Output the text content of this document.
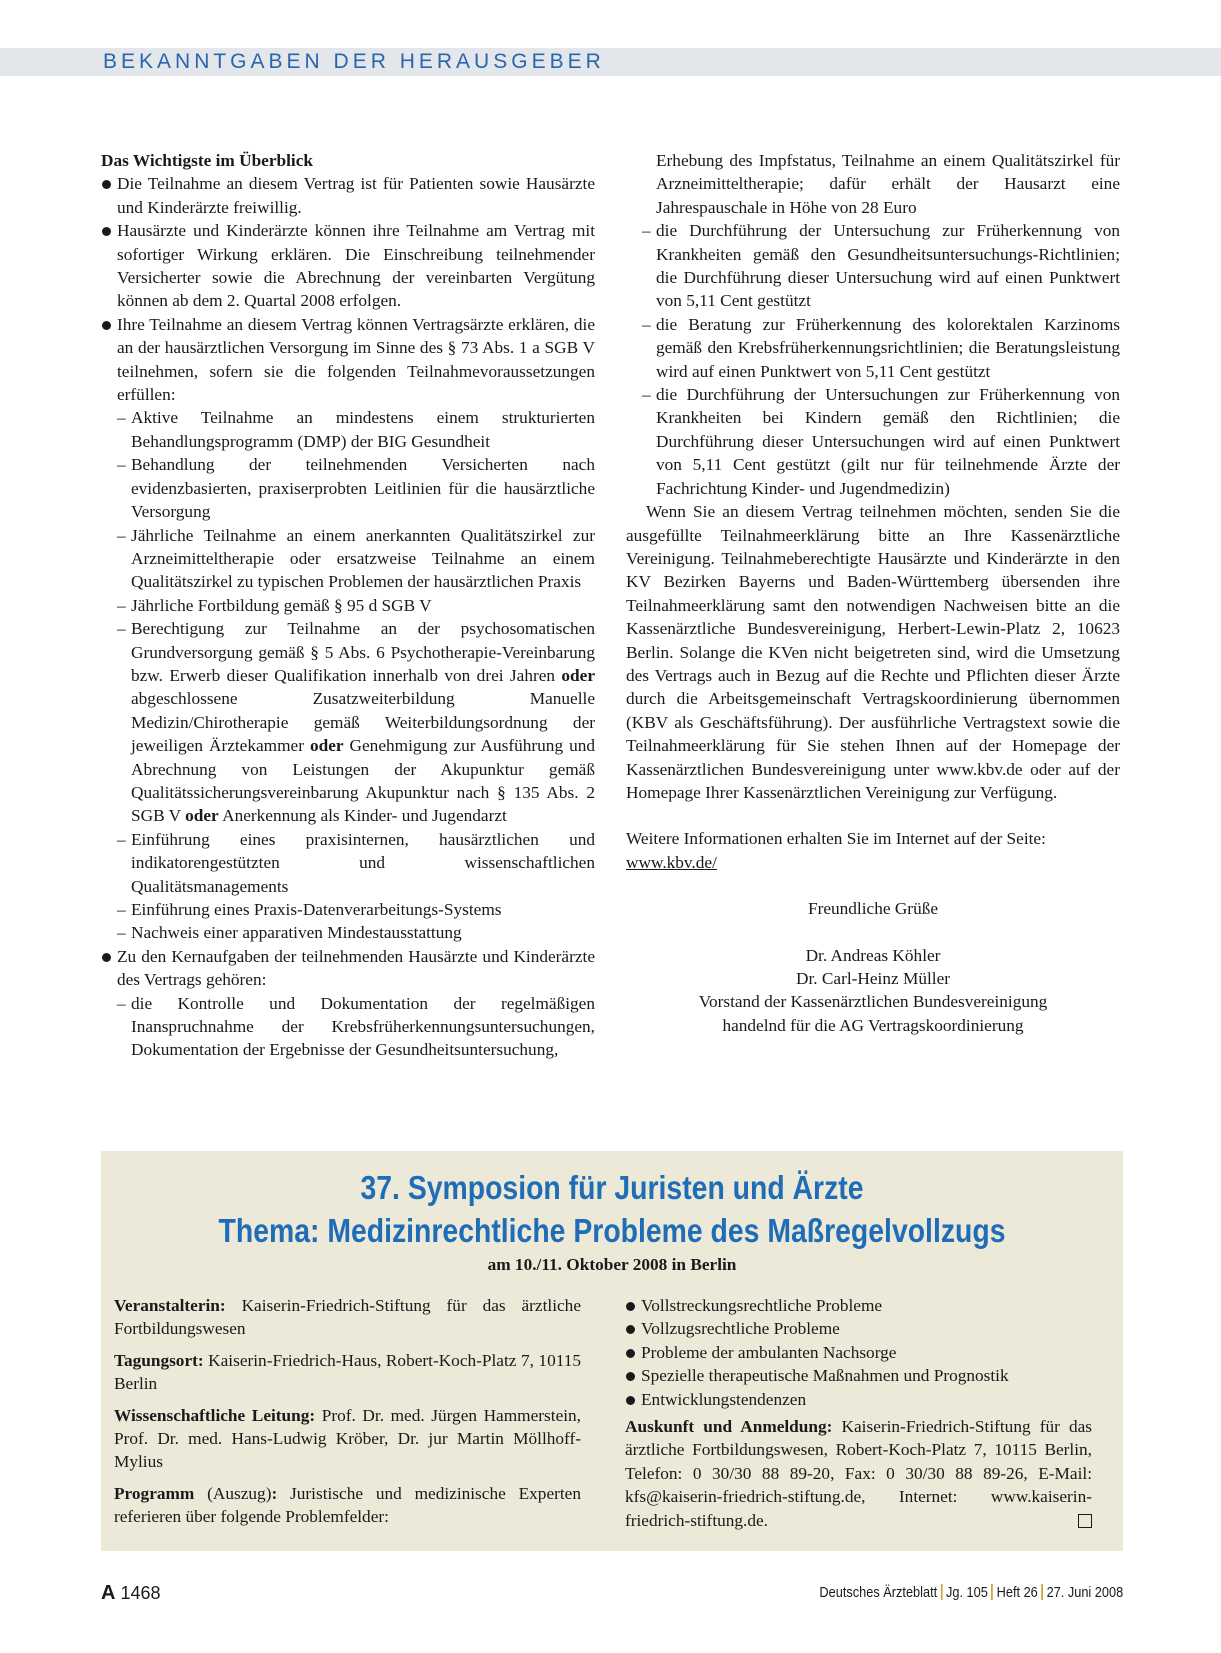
BEKANNTGABEN DER HERAUSGEBER
Das Wichtigste im Überblick
Die Teilnahme an diesem Vertrag ist für Patienten sowie Hausärzte und Kinderärzte freiwillig.
Hausärzte und Kinderärzte können ihre Teilnahme am Vertrag mit sofortiger Wirkung erklären. Die Einschreibung teilnehmender Versicherter sowie die Abrechnung der vereinbarten Vergütung können ab dem 2. Quartal 2008 erfolgen.
Ihre Teilnahme an diesem Vertrag können Vertragsärzte erklären, die an der hausärztlichen Versorgung im Sinne des § 73 Abs. 1 a SGB V teilnehmen, sofern sie die folgenden Teilnahmevoraussetzungen erfüllen:
– Aktive Teilnahme an mindestens einem strukturierten Behandlungsprogramm (DMP) der BIG Gesundheit
– Behandlung der teilnehmenden Versicherten nach evidenzbasierten, praxiserprobten Leitlinien für die hausärztliche Versorgung
– Jährliche Teilnahme an einem anerkannten Qualitätszirkel zur Arzneimitteltherapie oder ersatzweise Teilnahme an einem Qualitätszirkel zu typischen Problemen der hausärztlichen Praxis
– Jährliche Fortbildung gemäß § 95 d SGB V
– Berechtigung zur Teilnahme an der psychosomatischen Grundversorgung gemäß § 5 Abs. 6 Psychotherapie-Vereinbarung bzw. Erwerb dieser Qualifikation innerhalb von drei Jahren oder abgeschlossene Zusatzweiterbildung Manuelle Medizin/Chirotherapie gemäß Weiterbildungsordnung der jeweiligen Ärztekammer oder Genehmigung zur Ausführung und Abrechnung von Leistungen der Akupunktur gemäß Qualitätssicherungsvereinbarung Akupunktur nach § 135 Abs. 2 SGB V oder Anerkennung als Kinder- und Jugendarzt
– Einführung eines praxisinternen, hausärztlichen und indikatorengestützten und wissenschaftlichen Qualitätsmanagements
– Einführung eines Praxis-Datenverarbeitungs-Systems
– Nachweis einer apparativen Mindestausstattung
Zu den Kernaufgaben der teilnehmenden Hausärzte und Kinderärzte des Vertrags gehören:
– die Kontrolle und Dokumentation der regelmäßigen Inanspruchnahme der Krebsfrüherkennungsuntersuchungen, Dokumentation der Ergebnisse der Gesundheitsuntersuchung,
Erhebung des Impfstatus, Teilnahme an einem Qualitätszirkel für Arzneimitteltherapie; dafür erhält der Hausarzt eine Jahrespauschale in Höhe von 28 Euro
– die Durchführung der Untersuchung zur Früherkennung von Krankheiten gemäß den Gesundheitsuntersuchungs-Richtlinien; die Durchführung dieser Untersuchung wird auf einen Punktwert von 5,11 Cent gestützt
– die Beratung zur Früherkennung des kolorektalen Karzinoms gemäß den Krebsfrüherkennungsrichtlinien; die Beratungsleistung wird auf einen Punktwert von 5,11 Cent gestützt
– die Durchführung der Untersuchungen zur Früherkennung von Krankheiten bei Kindern gemäß den Richtlinien; die Durchführung dieser Untersuchungen wird auf einen Punktwert von 5,11 Cent gestützt (gilt nur für teilnehmende Ärzte der Fachrichtung Kinder- und Jugendmedizin)
Wenn Sie an diesem Vertrag teilnehmen möchten, senden Sie die ausgefüllte Teilnahmeerklärung bitte an Ihre Kassenärztliche Vereinigung. Teilnahmeberechtigte Hausärzte und Kinderärzte in den KV Bezirken Bayerns und Baden-Württemberg übersenden ihre Teilnahmeerklärung samt den notwendigen Nachweisen bitte an die Kassenärztliche Bundesvereinigung, Herbert-Lewin-Platz 2, 10623 Berlin. Solange die KVen nicht beigetreten sind, wird die Umsetzung des Vertrags auch in Bezug auf die Rechte und Pflichten dieser Ärzte durch die Arbeitsgemeinschaft Vertragskoordinierung übernommen (KBV als Geschäftsführung). Der ausführliche Vertragstext sowie die Teilnahmeerklärung für Sie stehen Ihnen auf der Homepage der Kassenärztlichen Bundesvereinigung unter www.kbv.de oder auf der Homepage Ihrer Kassenärztlichen Vereinigung zur Verfügung.
Weitere Informationen erhalten Sie im Internet auf der Seite:
www.kbv.de/
Freundliche Grüße
Dr. Andreas Köhler
Dr. Carl-Heinz Müller
Vorstand der Kassenärztlichen Bundesvereinigung
handelnd für die AG Vertragskoordinierung
37. Symposion für Juristen und Ärzte
Thema: Medizinrechtliche Probleme des Maßregelvollzugs
am 10./11. Oktober 2008 in Berlin
Veranstalterin: Kaiserin-Friedrich-Stiftung für das ärztliche Fortbildungswesen
Tagungsort: Kaiserin-Friedrich-Haus, Robert-Koch-Platz 7, 10115 Berlin
Wissenschaftliche Leitung: Prof. Dr. med. Jürgen Hammerstein, Prof. Dr. med. Hans-Ludwig Kröber, Dr. jur Martin Möllhoff-Mylius
Programm (Auszug): Juristische und medizinische Experten referieren über folgende Problemfelder:
Vollstreckungsrechtliche Probleme
Vollzugsrechtliche Probleme
Probleme der ambulanten Nachsorge
Spezielle therapeutische Maßnahmen und Prognostik
Entwicklungstendenzen
Auskunft und Anmeldung: Kaiserin-Friedrich-Stiftung für das ärztliche Fortbildungswesen, Robert-Koch-Platz 7, 10115 Berlin, Telefon: 0 30/30 88 89-20, Fax: 0 30/30 88 89-26, E-Mail: kfs@kaiserin-friedrich-stiftung.de, Internet: www.kaiserin-friedrich-stiftung.de.
A 1468	Deutsches Ärzteblatt Jg. 105 Heft 26 27. Juni 2008
